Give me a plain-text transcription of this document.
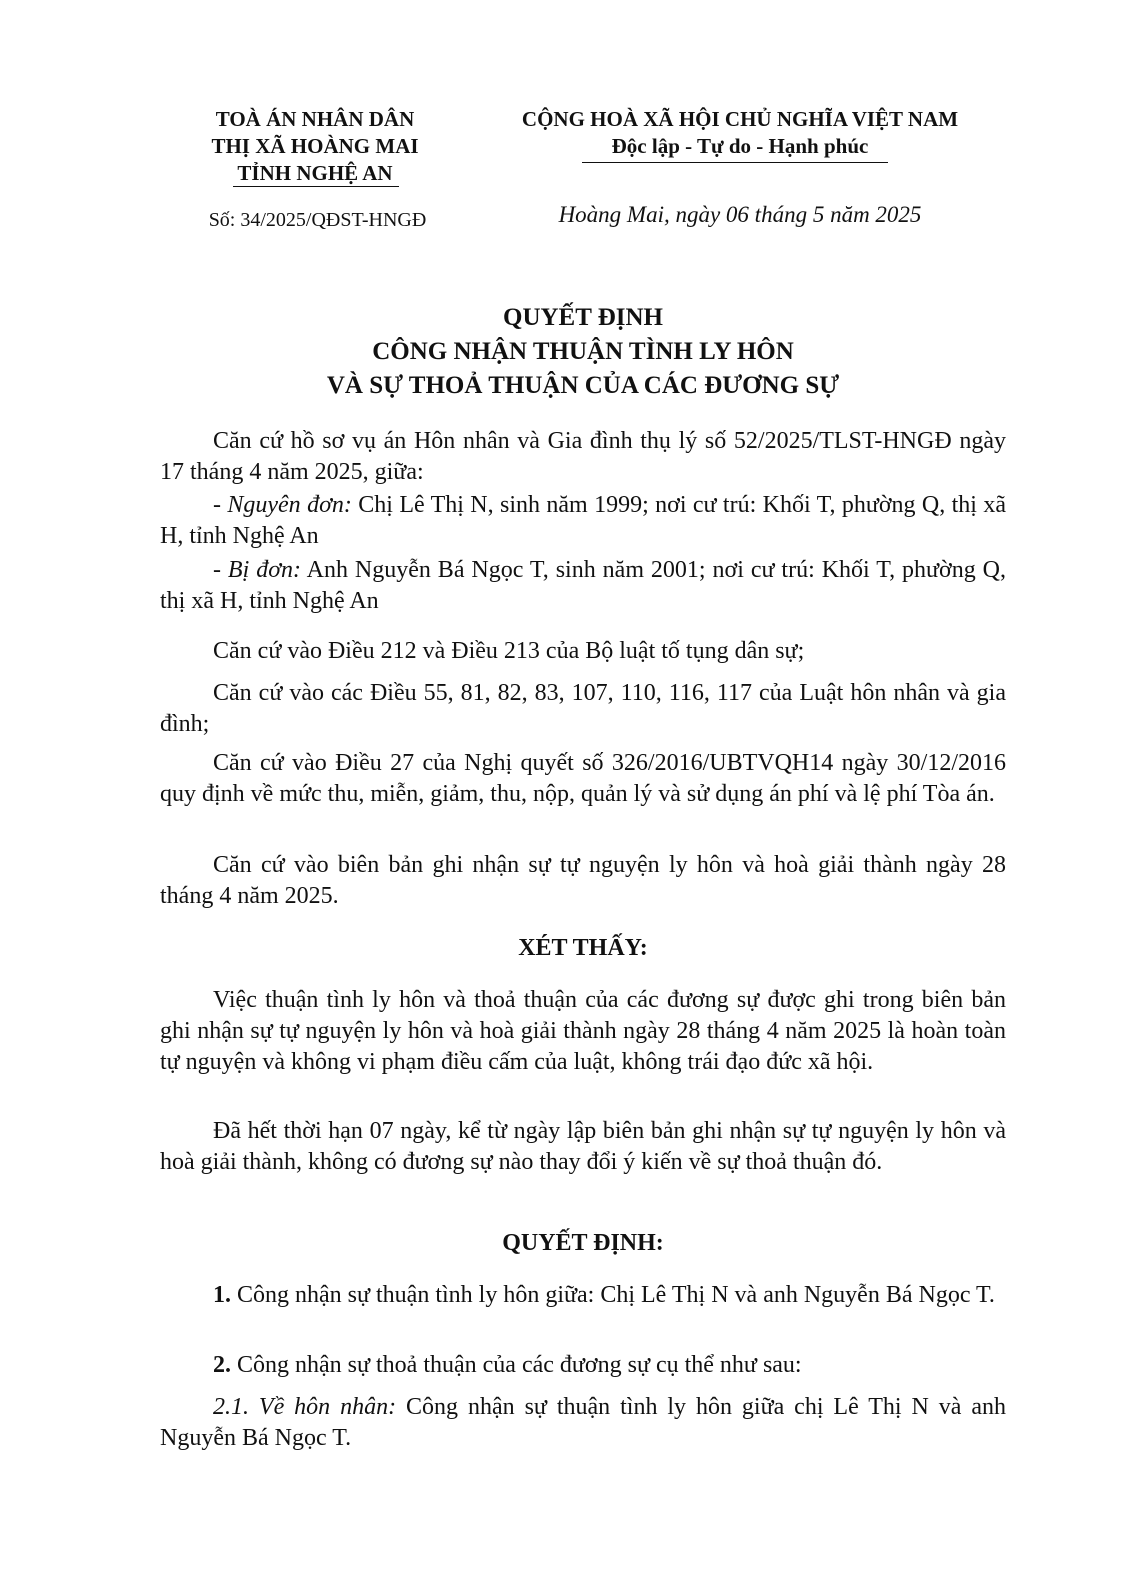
TOÀ ÁN NHÂN DÂN
THỊ XÃ HOÀNG MAI
TỈNH NGHỆ AN
Số: 34/2025/QĐST-HNGĐ
CỘNG HOÀ XÃ HỘI CHỦ NGHĨA VIỆT NAM
Độc lập - Tự do - Hạnh phúc
Hoàng Mai, ngày 06 tháng 5 năm 2025
QUYẾT ĐỊNH
CÔNG NHẬN THUẬN TÌNH LY HÔN
VÀ SỰ THOẢ THUẬN CỦA CÁC ĐƯƠNG SỰ
Căn cứ hồ sơ vụ án Hôn nhân và Gia đình thụ lý số 52/2025/TLST-HNGĐ ngày 17 tháng 4 năm 2025, giữa:
- Nguyên đơn: Chị Lê Thị N, sinh năm 1999; nơi cư trú: Khối T, phường Q, thị xã H, tỉnh Nghệ An
- Bị đơn: Anh Nguyễn Bá Ngọc T, sinh năm 2001; nơi cư trú: Khối T, phường Q, thị xã H, tỉnh Nghệ An
Căn cứ vào Điều 212 và Điều 213 của Bộ luật tố tụng dân sự;
Căn cứ vào các Điều 55, 81, 82, 83, 107, 110, 116, 117 của Luật hôn nhân và gia đình;
Căn cứ vào Điều 27 của Nghị quyết số 326/2016/UBTVQH14 ngày 30/12/2016 quy định về mức thu, miễn, giảm, thu, nộp, quản lý và sử dụng án phí và lệ phí Tòa án.
Căn cứ vào biên bản ghi nhận sự tự nguyện ly hôn và hoà giải thành ngày 28 tháng 4 năm 2025.
XÉT THẤY:
Việc thuận tình ly hôn và thoả thuận của các đương sự được ghi trong biên bản ghi nhận sự tự nguyện ly hôn và hoà giải thành ngày 28 tháng 4 năm 2025 là hoàn toàn tự nguyện và không vi phạm điều cấm của luật, không trái đạo đức xã hội.
Đã hết thời hạn 07 ngày, kể từ ngày lập biên bản ghi nhận sự tự nguyện ly hôn và hoà giải thành, không có đương sự nào thay đổi ý kiến về sự thoả thuận đó.
QUYẾT ĐỊNH:
1. Công nhận sự thuận tình ly hôn giữa: Chị Lê Thị N và anh Nguyễn Bá Ngọc T.
2. Công nhận sự thoả thuận của các đương sự cụ thể như sau:
2.1. Về hôn nhân: Công nhận sự thuận tình ly hôn giữa chị Lê Thị N và anh Nguyễn Bá Ngọc T.
